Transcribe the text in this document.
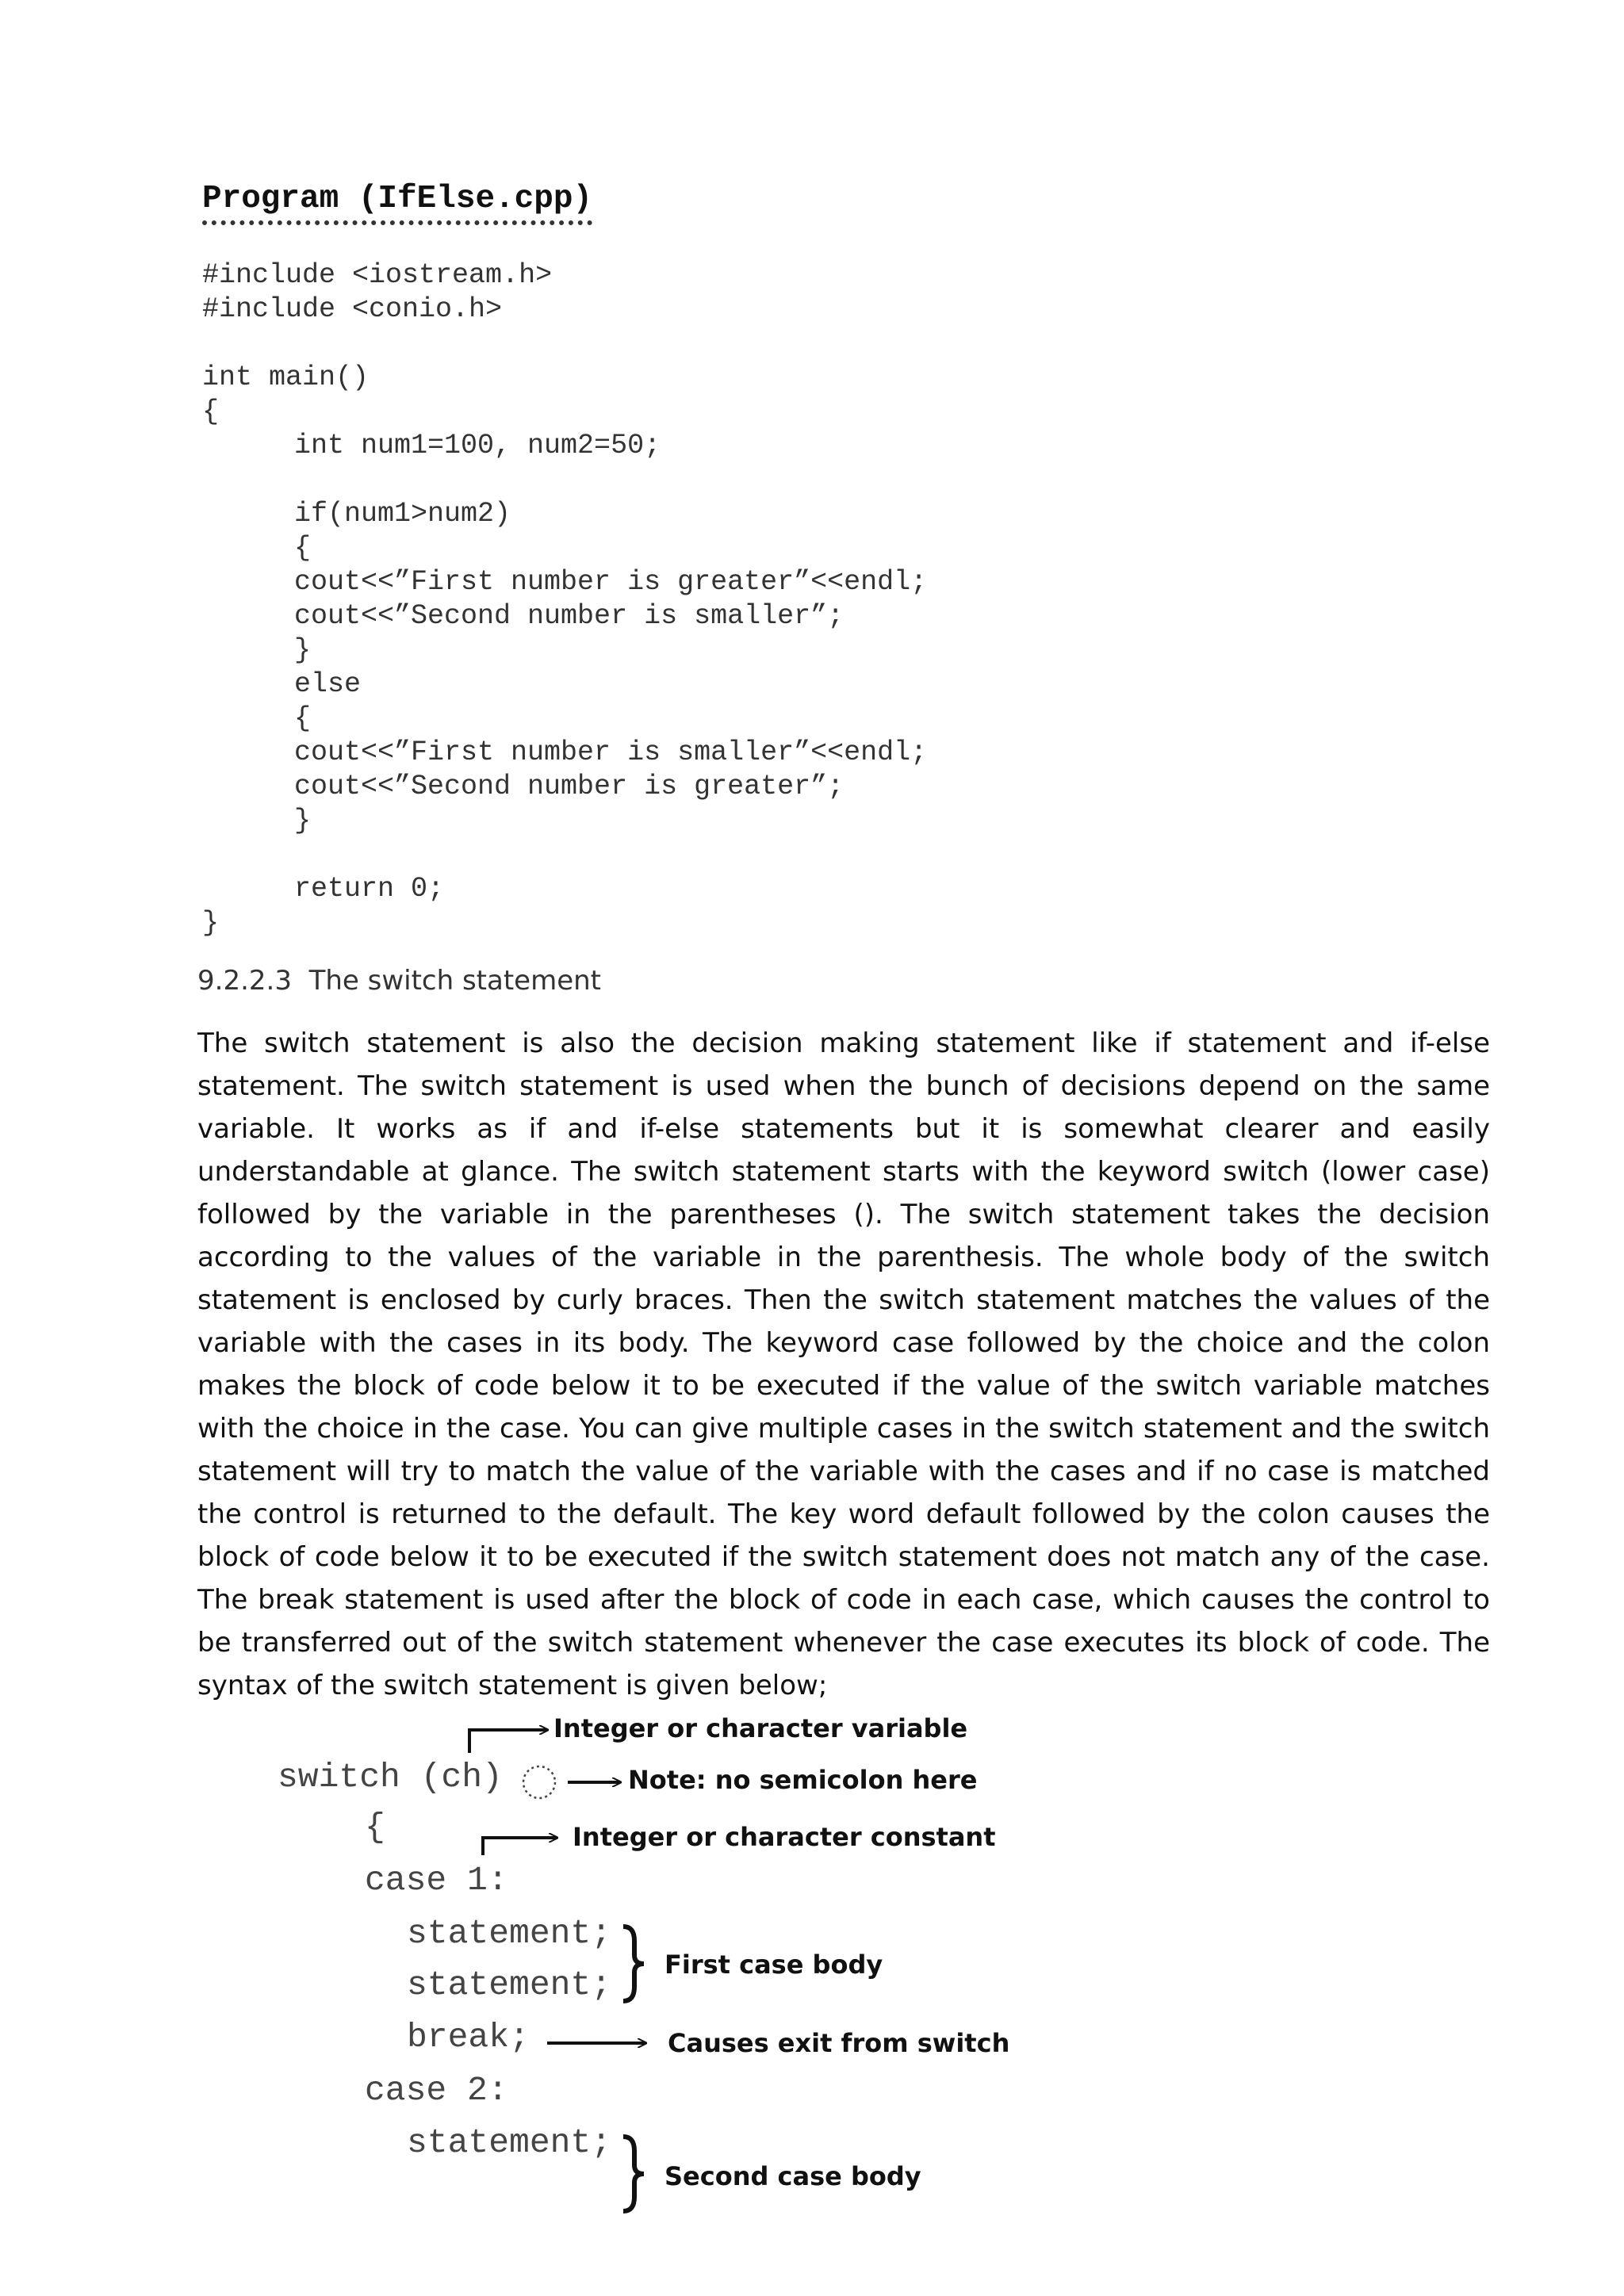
Program (IfElse.cpp)
#include <iostream.h>
#include <conio.h>
int main()
{
int num1=100, num2=50;
if(num1>num2)
{
cout<<”First number is greater”<<endl;
cout<<”Second number is smaller”;
}
else
{
cout<<”First number is smaller”<<endl;
cout<<”Second number is greater”;
}
return 0;
}
9.2.2.3  The switch statement

The switch statement is also the decision making statement like if statement and if-else statement. The switch statement is used when the bunch of decisions depend on the same variable. It works as if and if-else statements but it is somewhat clearer and easily understandable at glance. The switch statement starts with the keyword switch (lower case) followed by the variable in the parentheses (). The switch statement takes the decision according to the values of the variable in the parenthesis. The whole body of the switch statement is enclosed by curly braces. Then the switch statement matches the values of the variable with the cases in its body. The keyword case followed by the choice and the colon makes the block of code below it to be executed if the value of the switch variable matches with the choice in the case. You can give multiple cases in the switch statement and the switch statement will try to match the value of the variable with the cases and if no case is matched the control is returned to the default. The key word default followed by the colon causes the block of code below it to be executed if the switch statement does not match any of the case. The break statement is used after the block of code in each case, which causes the control to be transferred out of the switch statement whenever the case executes its block of code. The syntax of the switch statement is given below;

switch (ch)
{
case 1:
statement;
statement;
break;
case 2:
statement;
Integer or character variable
Note: no semicolon here
Integer or character constant
First case body
Causes exit from switch
Second case body
